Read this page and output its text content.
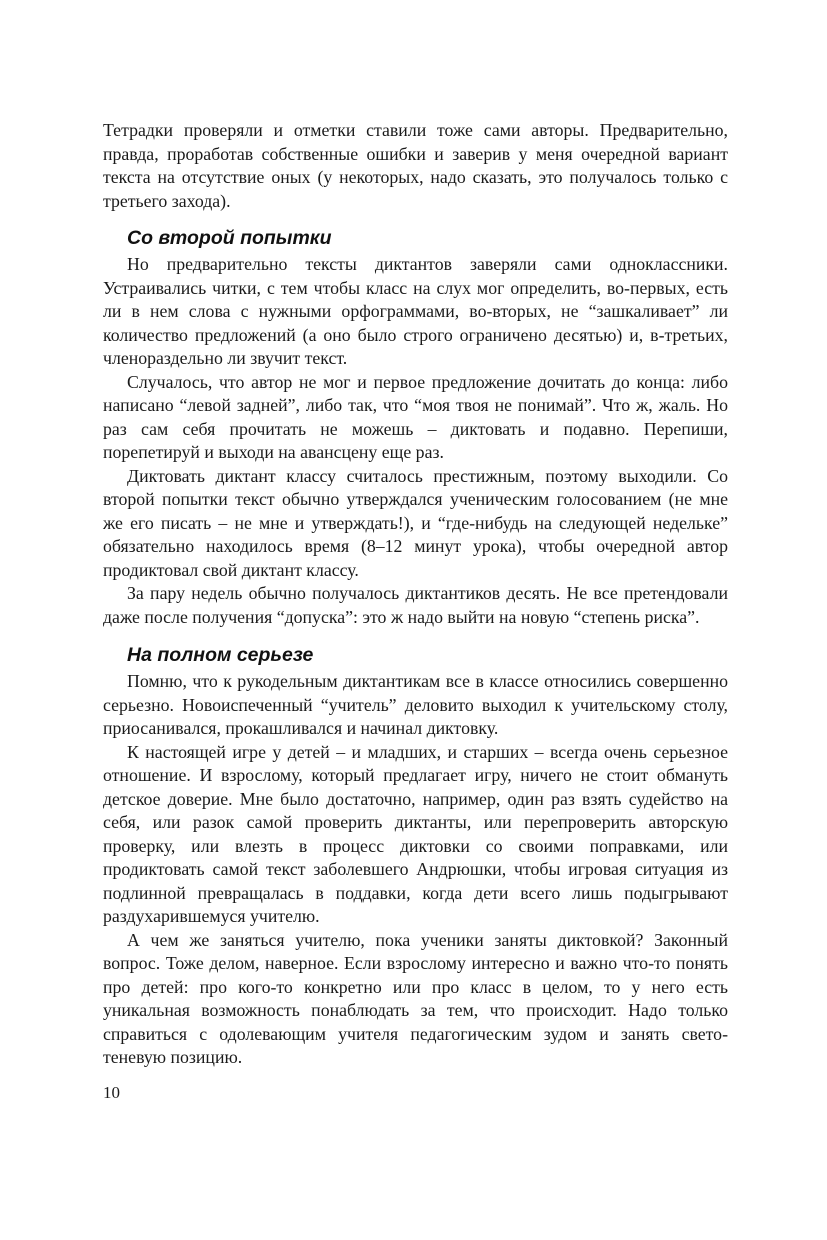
Тетрадки проверяли и отметки ставили тоже сами авторы. Предварительно, правда, проработав собственные ошибки и заверив у меня очередной вариант текста на отсутствие оных (у некоторых, надо сказать, это получалось только с третьего захода).

Со второй попытки

Но предварительно тексты диктантов заверяли сами одноклассники. Устраивались читки, с тем чтобы класс на слух мог определить, во-первых, есть ли в нем слова с нужными орфограммами, во-вторых, не “зашкаливает” ли количество предложений (а оно было строго ограничено десятью) и, в-третьих, членораздельно ли звучит текст.

Случалось, что автор не мог и первое предложение дочитать до конца: либо написано “левой задней”, либо так, что “моя твоя не понимай”. Что ж, жаль. Но раз сам себя прочитать не можешь – диктовать и подавно. Перепиши, порепетируй и выходи на авансцену еще раз.

Диктовать диктант классу считалось престижным, поэтому выходили. Со второй попытки текст обычно утверждался ученическим голосованием (не мне же его писать – не мне и утверждать!), и “где-нибудь на следующей недельке” обязательно находилось время (8–12 минут урока), чтобы очередной автор продиктовал свой диктант классу.

За пару недель обычно получалось диктантиков десять. Не все претендовали даже после получения “допуска”: это ж надо выйти на новую “степень риска”.

На полном серьезе

Помню, что к рукодельным диктантикам все в классе относились совершенно серьезно. Новоиспеченный “учитель” деловито выходил к учительскому столу, приосанивался, прокашливался и начинал диктовку.

К настоящей игре у детей – и младших, и старших – всегда очень серьезное отношение. И взрослому, который предлагает игру, ничего не стоит обмануть детское доверие. Мне было достаточно, например, один раз взять судейство на себя, или разок самой проверить диктанты, или перепроверить авторскую проверку, или влезть в процесс диктовки со своими поправками, или продиктовать самой текст заболевшего Андрюшки, чтобы игровая ситуация из подлинной превращалась в поддавки, когда дети всего лишь подыгрывают раздухарившемуся учителю.

А чем же заняться учителю, пока ученики заняты диктовкой? Законный вопрос. Тоже делом, наверное. Если взрослому интересно и важно что-то понять про детей: про кого-то конкретно или про класс в целом, то у него есть уникальная возможность понаблюдать за тем, что происходит. Надо только справиться с одолевающим учителя педагогическим зудом и занять свето-теневую позицию.

10
